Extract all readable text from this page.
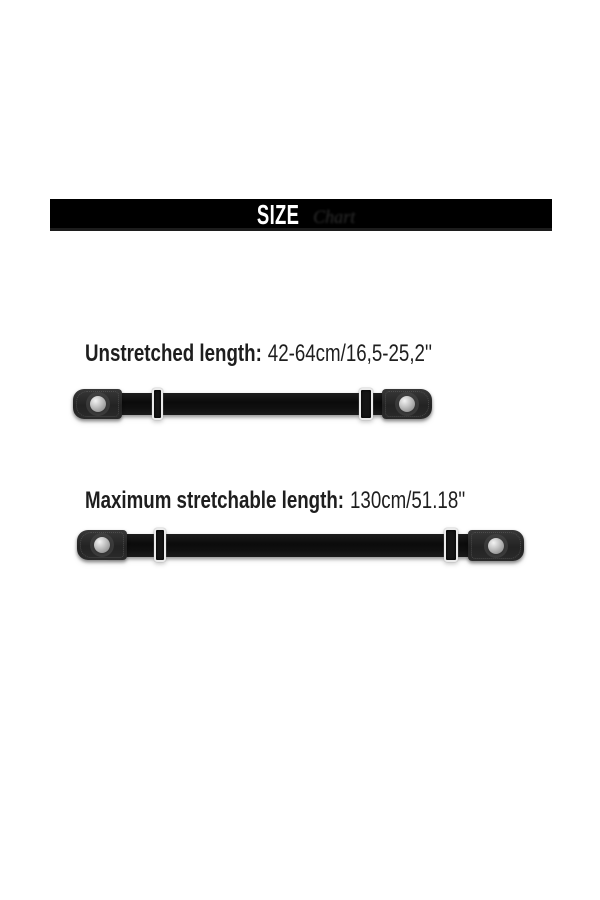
SIZE Chart
Unstretched length: 42-64cm/16,5-25,2''
Maximum stretchable length: 130cm/51.18''
